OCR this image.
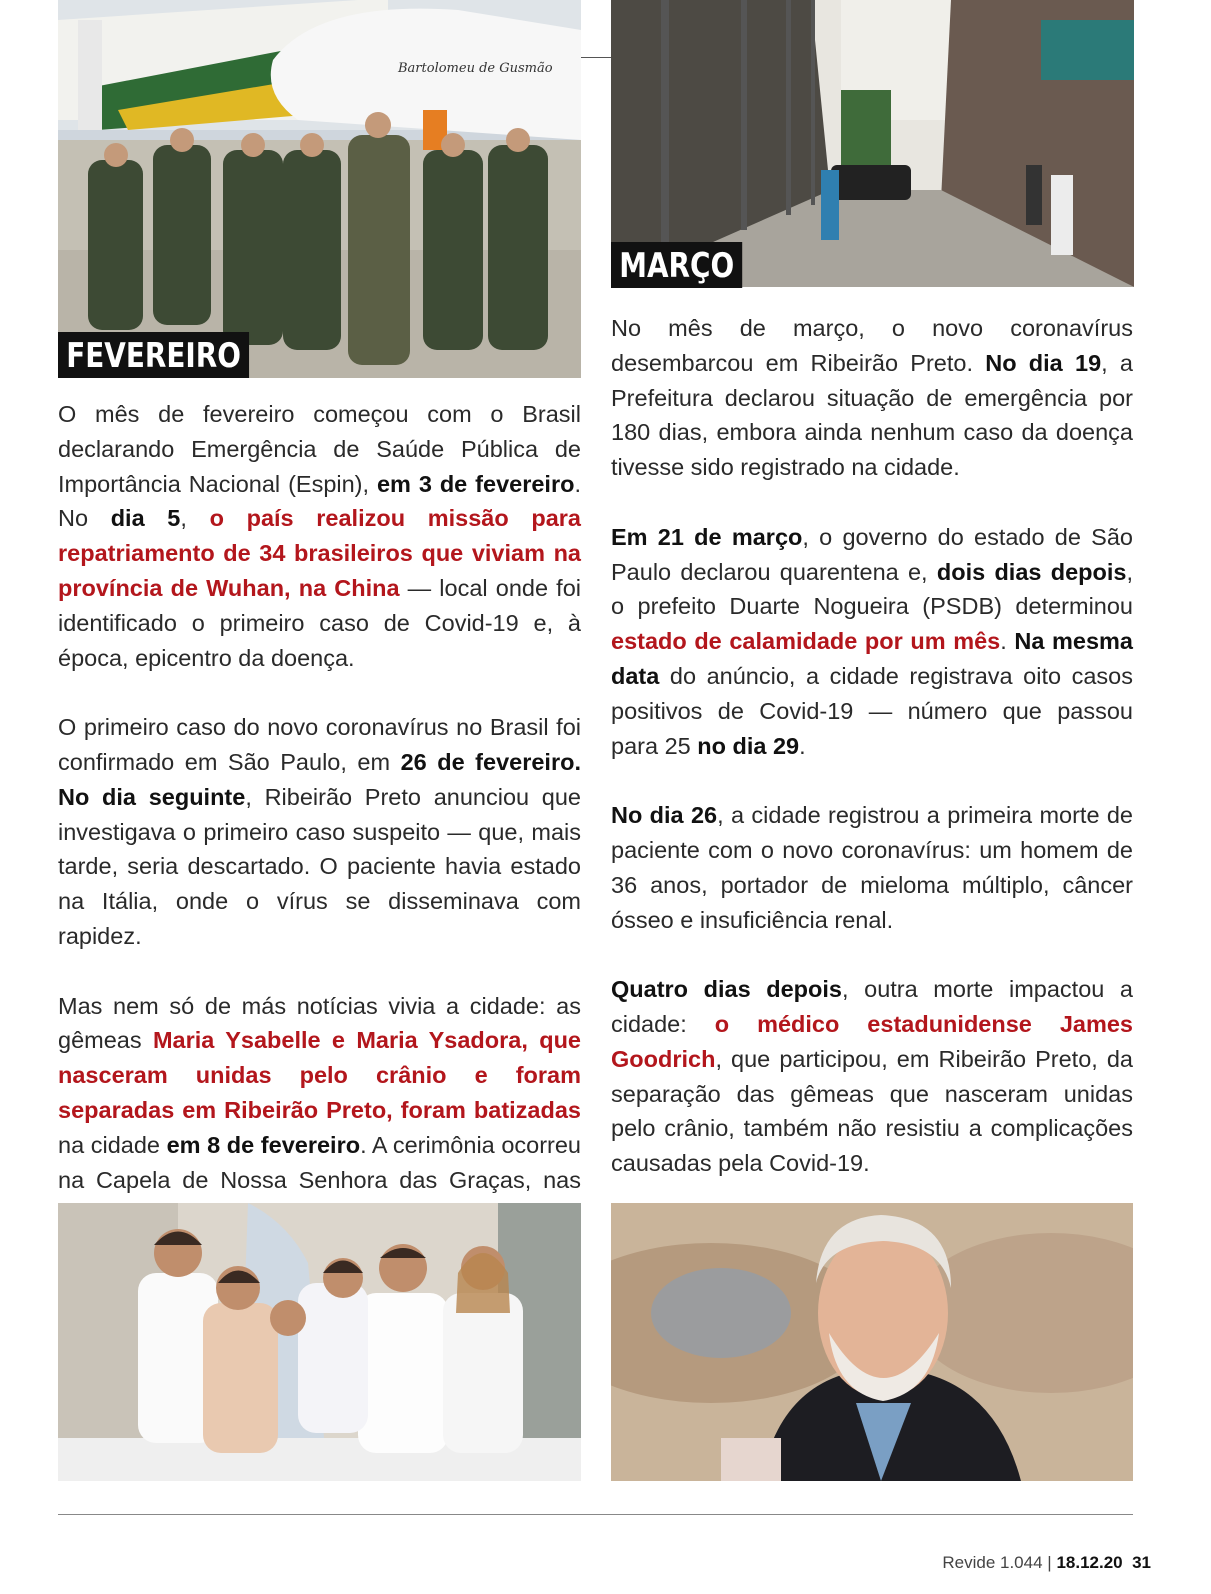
Bartolomeu de Gusmão
FEVEREIRO
MARÇO

O mês de fevereiro começou com o Brasil declarando Emergência de Saúde Pública de Importância Nacional (Espin), em 3 de fevereiro. No dia 5, o país realizou missão para repatriamento de 34 brasileiros que viviam na província de Wuhan, na China — local onde foi identificado o primeiro caso de Covid-19 e, à época, epicentro da doença.

O primeiro caso do novo coronavírus no Brasil foi confirmado em São Paulo, em 26 de fevereiro. No dia seguinte, Ribeirão Preto anunciou que investigava o primeiro caso suspeito — que, mais tarde, seria descartado. O paciente havia estado na Itália, onde o vírus se disseminava com rapidez.

Mas nem só de más notícias vivia a cidade: as gêmeas Maria Ysabelle e Maria Ysadora, que nasceram unidas pelo crânio e foram separadas em Ribeirão Preto, foram batizadas na cidade em 8 de fevereiro. A cerimônia ocorreu na Capela de Nossa Senhora das Graças, nas

No mês de março, o novo coronavírus desembarcou em Ribeirão Preto. No dia 19, a Prefeitura declarou situação de emergência por 180 dias, embora ainda nenhum caso da doença tivesse sido registrado na cidade.

Em 21 de março, o governo do estado de São Paulo declarou quarentena e, dois dias depois, o prefeito Duarte Nogueira (PSDB) determinou estado de calamidade por um mês. Na mesma data do anúncio, a cidade registrava oito casos positivos de Covid-19 — número que passou para 25 no dia 29.

No dia 26, a cidade registrou a primeira morte de paciente com o novo coronavírus: um homem de 36 anos, portador de mieloma múltiplo, câncer ósseo e insuficiência renal.

Quatro dias depois, outra morte impactou a cidade: o médico estadunidense James Goodrich, que participou, em Ribeirão Preto, da separação das gêmeas que nasceram unidas pelo crânio, também não resistiu a complicações causadas pela Covid-19.

Revide 1.044 | 18.12.20 31
